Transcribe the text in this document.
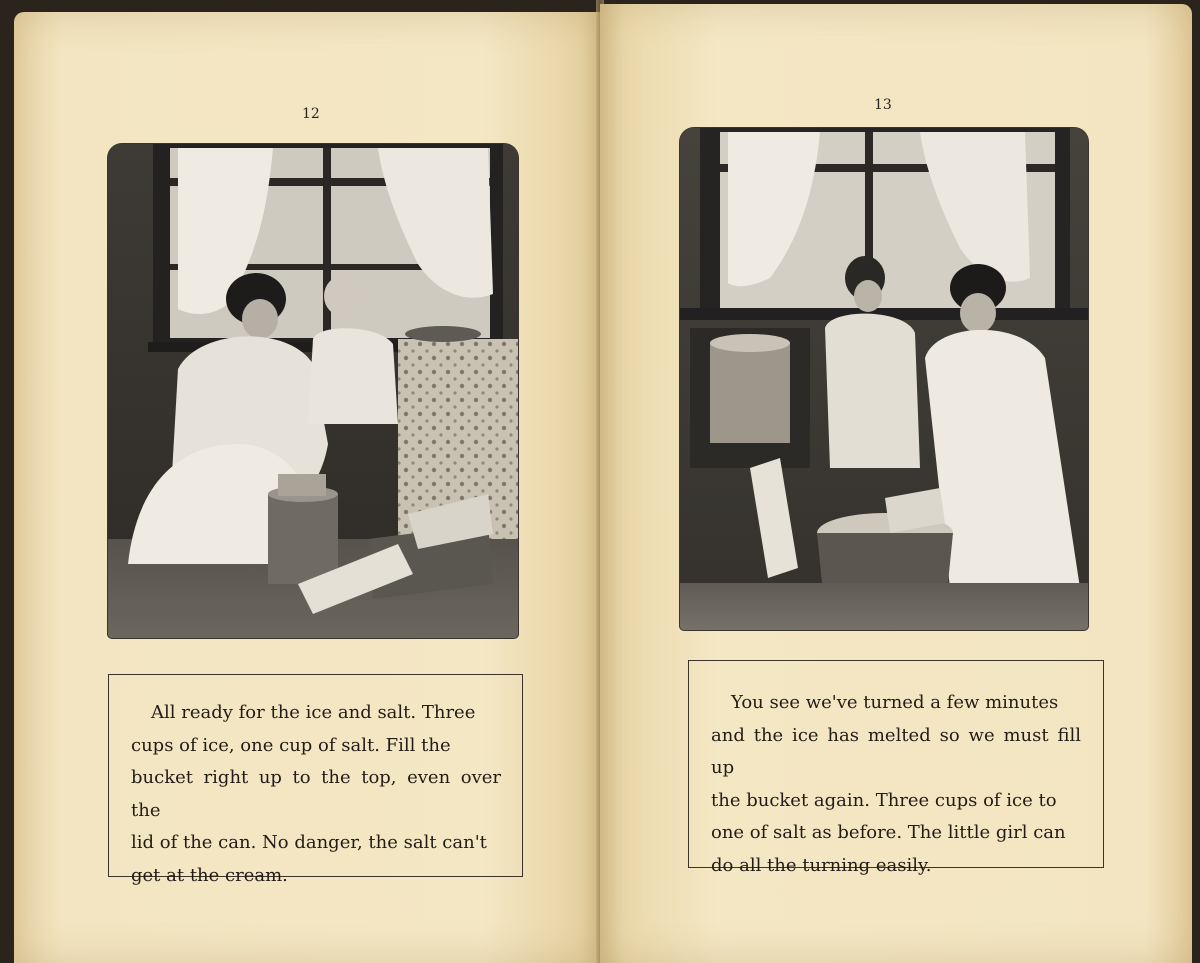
12
All ready for the ice and salt. Three
cups of ice, one cup of salt. Fill the
bucket right up to the top, even over the
lid of the can. No danger, the salt can't
get at the cream.
13
You see we've turned a few minutes
and the ice has melted so we must fill up
the bucket again. Three cups of ice to
one of salt as before. The little girl can
do all the turning easily.
